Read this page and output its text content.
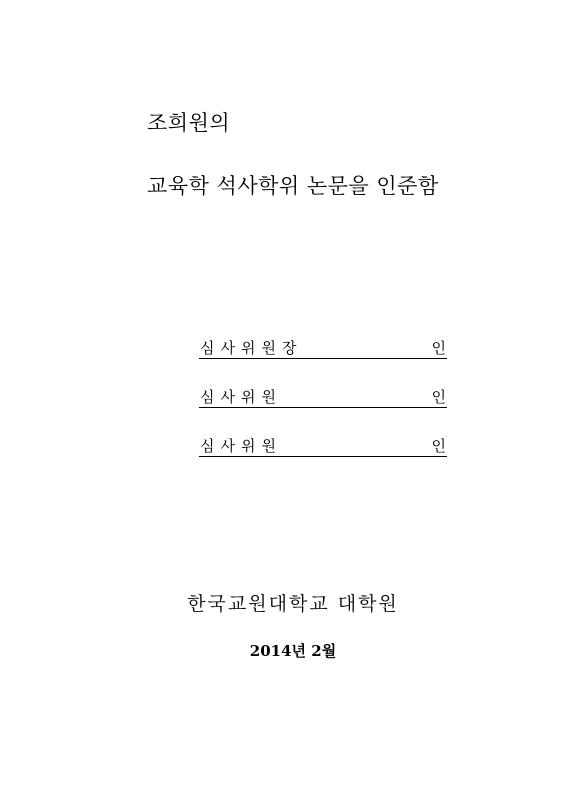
조희원의
교육학 석사학위 논문을 인준함
심사위원장	인
심사위원	인
심사위원	인
한국교원대학교 대학원
2014년 2월
